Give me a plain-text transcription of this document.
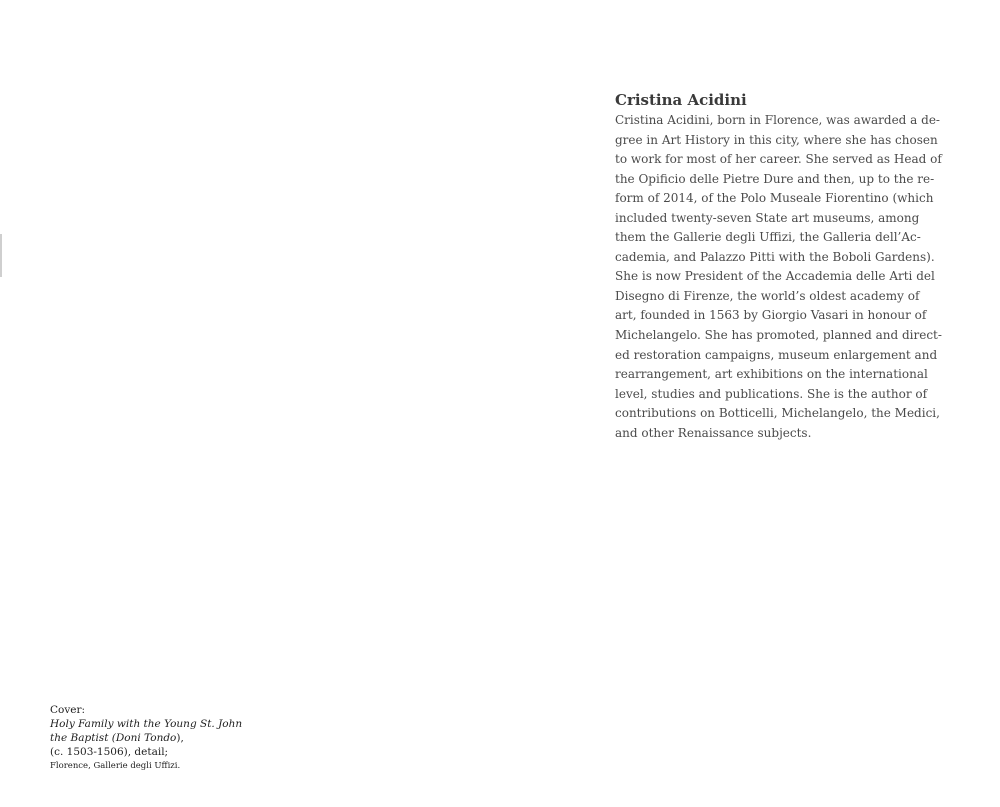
Cristina Acidini
Cristina Acidini, born in Florence, was awarded a de-
gree in Art History in this city, where she has chosen
to work for most of her career. She served as Head of
the Opificio delle Pietre Dure and then, up to the re-
form of 2014, of the Polo Museale Fiorentino (which
included twenty-seven State art museums, among
them the Gallerie degli Uffizi, the Galleria dell’Ac-
cademia, and Palazzo Pitti with the Boboli Gardens).
She is now President of the Accademia delle Arti del
Disegno di Firenze, the world’s oldest academy of
art, founded in 1563 by Giorgio Vasari in honour of
Michelangelo. She has promoted, planned and direct-
ed restoration campaigns, museum enlargement and
rearrangement, art exhibitions on the international
level, studies and publications. She is the author of
contributions on Botticelli, Michelangelo, the Medici,
and other Renaissance subjects.
Cover:
Holy Family with the Young St. John
the Baptist (Doni Tondo),
(c. 1503-1506), detail;
Florence, Gallerie degli Uffizi.
